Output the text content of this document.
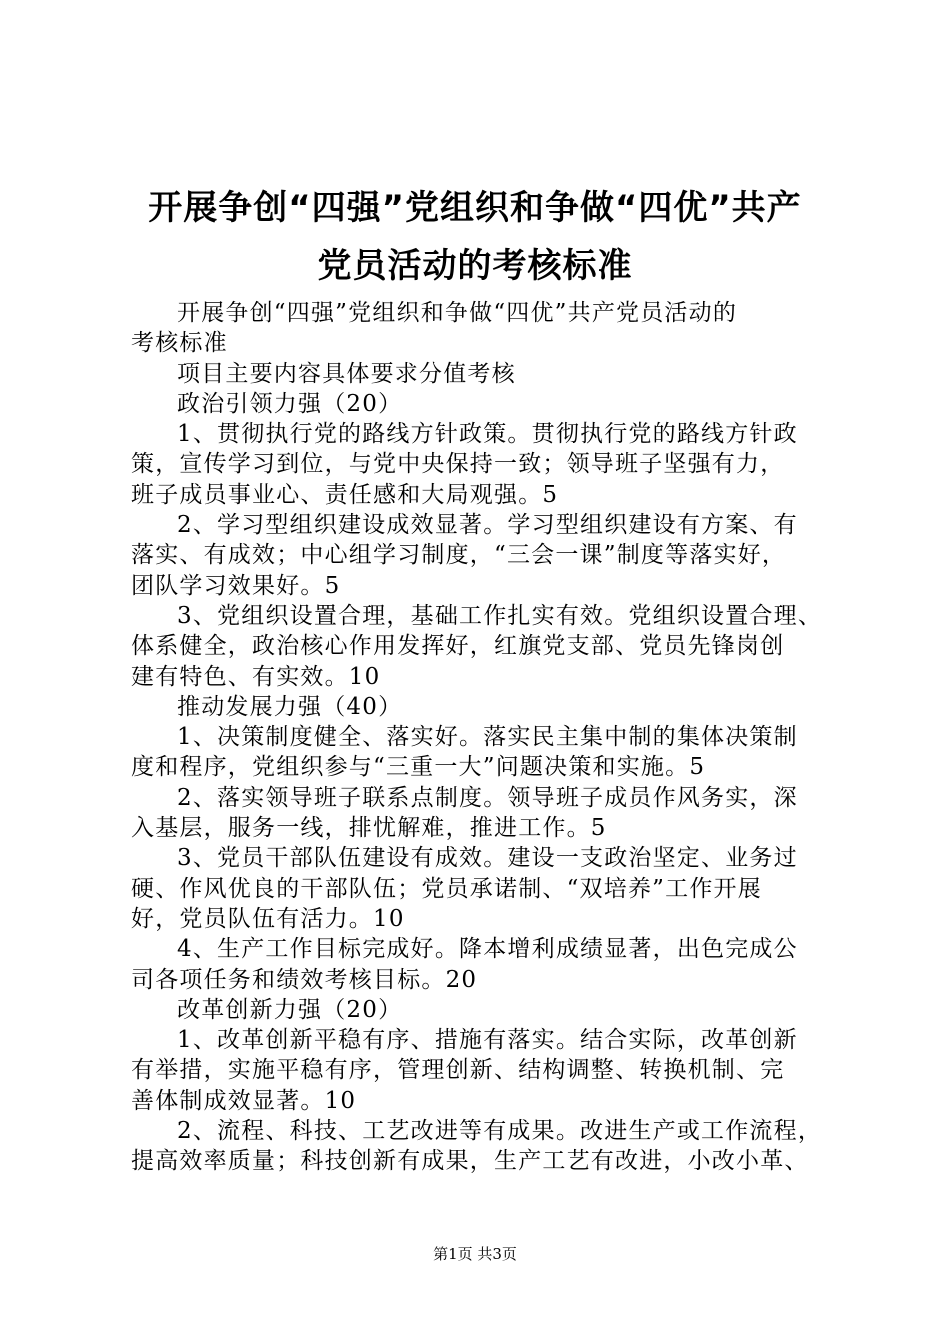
开展争创“四强”党组织和争做“四优”共产
党员活动的考核标准
开展争创“四强”党组织和争做“四优”共产党员活动的
考核标准
项目主要内容具体要求分值考核
政治引领力强（20）
1、贯彻执行党的路线方针政策。贯彻执行党的路线方针政
策，宣传学习到位，与党中央保持一致；领导班子坚强有力，
班子成员事业心、责任感和大局观强。5
2、学习型组织建设成效显著。学习型组织建设有方案、有
落实、有成效；中心组学习制度，“三会一课”制度等落实好，
团队学习效果好。5
3、党组织设置合理，基础工作扎实有效。党组织设置合理、
体系健全，政治核心作用发挥好，红旗党支部、党员先锋岗创
建有特色、有实效。10
推动发展力强（40）
1、决策制度健全、落实好。落实民主集中制的集体决策制
度和程序，党组织参与“三重一大”问题决策和实施。5
2、落实领导班子联系点制度。领导班子成员作风务实，深
入基层，服务一线，排忧解难，推进工作。5
3、党员干部队伍建设有成效。建设一支政治坚定、业务过
硬、作风优良的干部队伍；党员承诺制、“双培养”工作开展
好，党员队伍有活力。10
4、生产工作目标完成好。降本增利成绩显著，出色完成公
司各项任务和绩效考核目标。20
改革创新力强（20）
1、改革创新平稳有序、措施有落实。结合实际，改革创新
有举措，实施平稳有序，管理创新、结构调整、转换机制、完
善体制成效显著。10
2、流程、科技、工艺改进等有成果。改进生产或工作流程，
提高效率质量；科技创新有成果，生产工艺有改进，小改小革、
第1页 共3页
